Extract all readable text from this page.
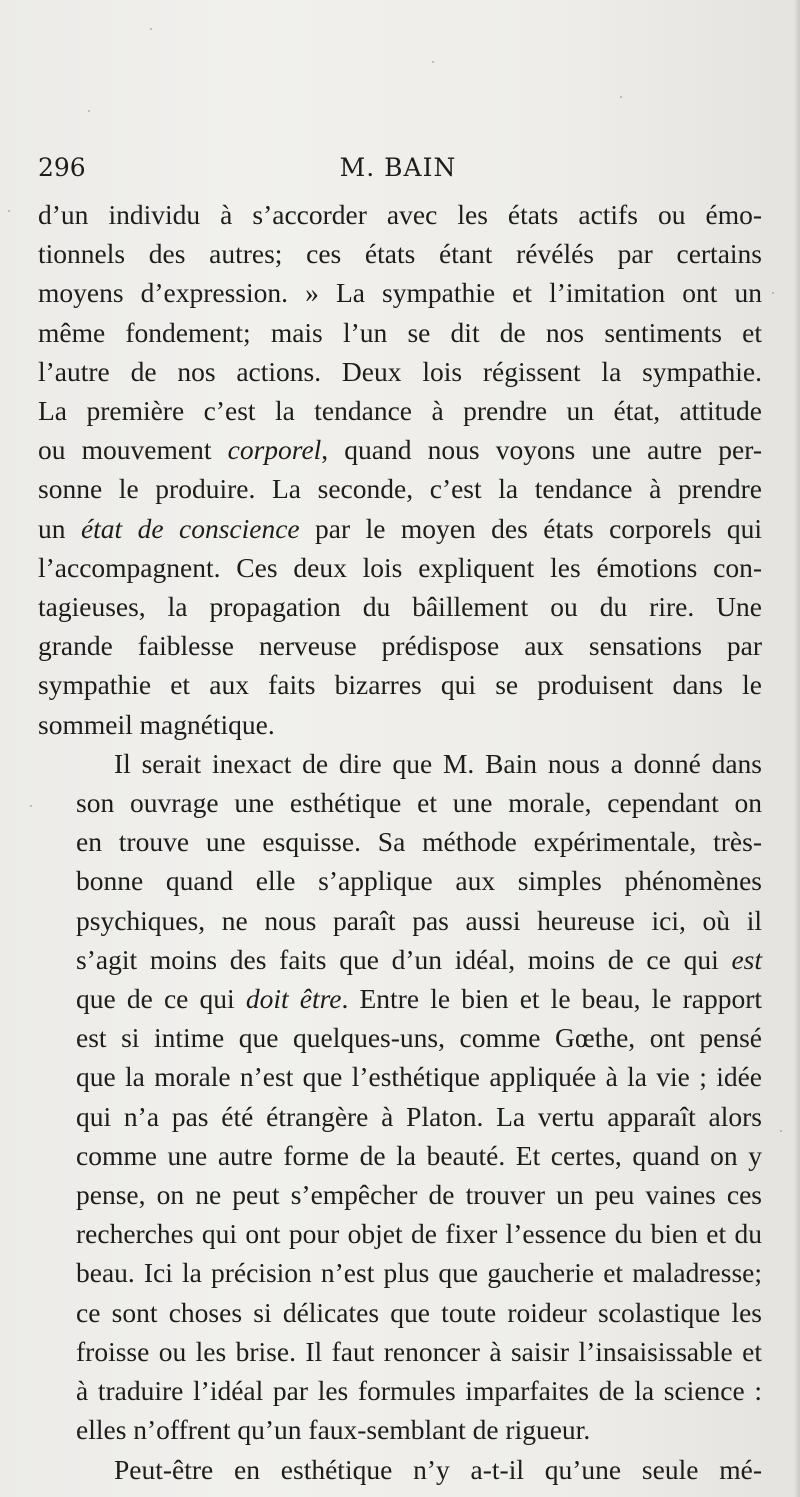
296	M. BAIN

d’un individu à s’accorder avec les états actifs ou émo-
tionnels des autres; ces états étant révélés par certains
moyens d’expression. » La sympathie et l’imitation ont un
même fondement; mais l’un se dit de nos sentiments et
l’autre de nos actions. Deux lois régissent la sympathie.
La première c’est la tendance à prendre un état, attitude
ou mouvement corporel, quand nous voyons une autre per-
sonne le produire. La seconde, c’est la tendance à prendre
un état de conscience par le moyen des états corporels qui
l’accompagnent. Ces deux lois expliquent les émotions con-
tagieuses, la propagation du bâillement ou du rire. Une
grande faiblesse nerveuse prédispose aux sensations par
sympathie et aux faits bizarres qui se produisent dans le
sommeil magnétique.

Il serait inexact de dire que M. Bain nous a donné dans
son ouvrage une esthétique et une morale, cependant on
en trouve une esquisse. Sa méthode expérimentale, très-
bonne quand elle s’applique aux simples phénomènes
psychiques, ne nous paraît pas aussi heureuse ici, où il
s’agit moins des faits que d’un idéal, moins de ce qui est
que de ce qui doit être. Entre le bien et le beau, le rapport
est si intime que quelques-uns, comme Gœthe, ont pensé
que la morale n’est que l’esthétique appliquée à la vie ; idée
qui n’a pas été étrangère à Platon. La vertu apparaît alors
comme une autre forme de la beauté. Et certes, quand on y
pense, on ne peut s’empêcher de trouver un peu vaines ces
recherches qui ont pour objet de fixer l’essence du bien et du
beau. Ici la précision n’est plus que gaucherie et maladresse;
ce sont choses si délicates que toute roideur scolastique les
froisse ou les brise. Il faut renoncer à saisir l’insaisissable et
à traduire l’idéal par les formules imparfaites de la science :
elles n’offrent qu’un faux-semblant de rigueur.

Peut-être en esthétique n’y a-t-il qu’une seule mé-
